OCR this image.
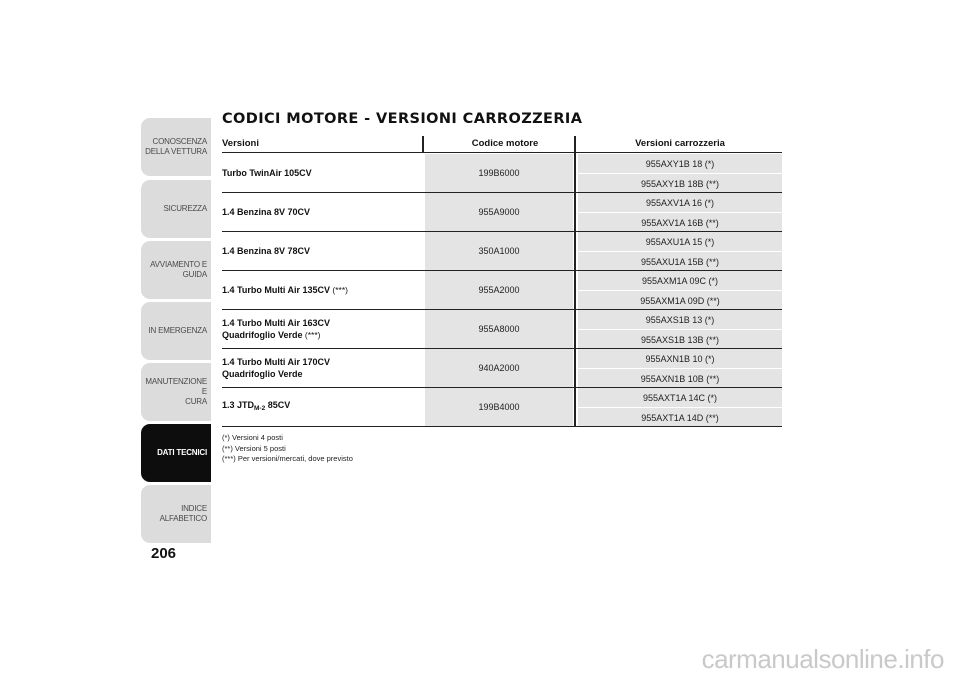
CONOSCENZA
DELLA VETTURA
SICUREZZA
AVVIAMENTO E
GUIDA
IN EMERGENZA
MANUTENZIONE E
CURA
DATI TECNICI
INDICE ALFABETICO
206
CODICI MOTORE - VERSIONI CARROZZERIA
Versioni	Codice motore	Versioni carrozzeria
199B6000
Turbo TwinAir 105CV
955AXY1B 18 (*)
955AXY1B 18B (**)
955A9000
1.4 Benzina 8V 70CV
955AXV1A 16 (*)
955AXV1A 16B (**)
350A1000
1.4 Benzina 8V 78CV
955AXU1A 15 (*)
955AXU1A 15B (**)
955A2000
1.4 Turbo Multi Air 135CV (***)
955AXM1A 09C (*)
955AXM1A 09D (**)
955A8000
1.4 Turbo Multi Air 163CV
Quadrifoglio Verde (***)
955AXS1B 13 (*)
955AXS1B 13B (**)
940A2000
1.4 Turbo Multi Air 170CV
Quadrifoglio Verde
955AXN1B 10 (*)
955AXN1B 10B (**)
199B4000
1.3 $JTD_{M-2}$ 85CV
955AXT1A 14C (*)
955AXT1A 14D (**)
(*) Versioni 4 posti
(**) Versioni 5 posti
(***) Per versioni/mercati, dove previsto
carmanualsonline.info
